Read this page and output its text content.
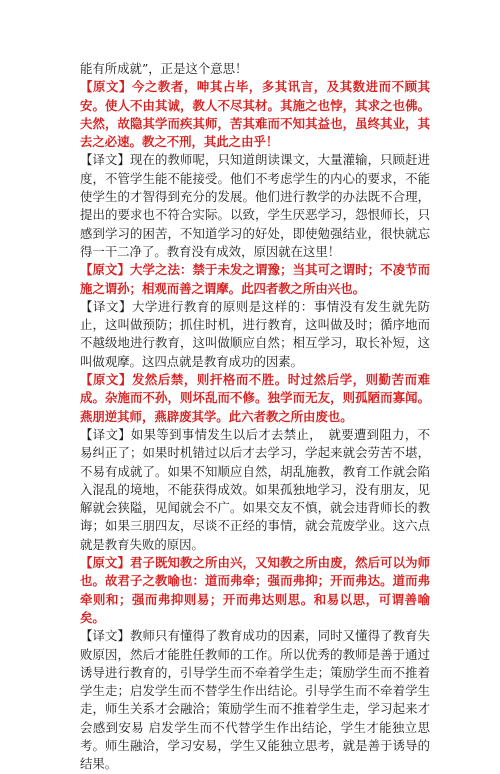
能有所成就”，正是这个意思！

【原文】今之教者，呻其占毕，多其讯言，及其数进而不顾其安。使人不由其诚，教人不尽其材。其施之也悖，其求之也佛。夫然，故隐其学而疾其师，苦其难而不知其益也，虽终其业，其去之必速。教之不刑，其此之由乎！

【译文】现在的教师呢，只知道朗读课文，大量灌输，只顾赶进度，不管学生能不能接受。他们不考虑学生的内心的要求，不能使学生的才智得到充分的发展。他们进行教学的办法既不合理，提出的要求也不符合实际。以致，学生厌恶学习，怨恨师长，只感到学习的困苦，不知道学习的好处，即使勉强结业，很快就忘得一干二净了。教育没有成效，原因就在这里！

【原文】大学之法：禁于未发之谓豫；当其可之谓时；不凌节而施之谓孙；相观而善之谓摩。此四者教之所由兴也。

【译文】大学进行教育的原则是这样的：事情没有发生就先防止，这叫做预防；抓住时机，进行教育，这叫做及时；循序地而不越级地进行教育，这叫做顺应自然；相互学习，取长补短，这叫做观摩。这四点就是教育成功的因素。

【原文】发然后禁，则扞格而不胜。时过然后学，则勤苦而难成。杂施而不孙，则坏乱而不修。独学而无友，则孤陋而寡闻。燕朋逆其师，燕辟废其学。此六者教之所由废也。

【译文】如果等到事情发生以后才去禁止，　就要遭到阻力，不易纠正了；如果时机错过以后才去学习，学起来就会劳苦不堪，不易有成就了。如果不知顺应自然，胡乱施教，教育工作就会陷入混乱的境地，不能获得成效。如果孤独地学习，没有朋友，见解就会狭隘，见闻就会不广。如果交友不慎，就会违背师长的教诲；如果三朋四友，尽谈不正经的事情，就会荒废学业。这六点就是教育失败的原因。

【原文】君子既知教之所由兴，又知教之所由废，然后可以为师也。故君子之教喻也：道而弗牵；强而弗抑；开而弗达。道而弗牵则和；强而弗抑则易；开而弗达则思。和易以思，可谓善喻矣。

【译文】教师只有懂得了教育成功的因素，同时又懂得了教育失败原因，然后才能胜任教师的工作。所以优秀的教师是善于通过诱导进行教育的，引导学生而不牵着学生走；策励学生而不推着学生走；启发学生而不替学生作出结论。引导学生而不牵着学生走，师生关系才会融洽；策励学生而不推着学生走，学习起来才会感到安易 启发学生而不代替学生作出结论，学生才能独立思考。师生融洽，学习安易，学生又能独立思考，就是善于诱导的结果。
